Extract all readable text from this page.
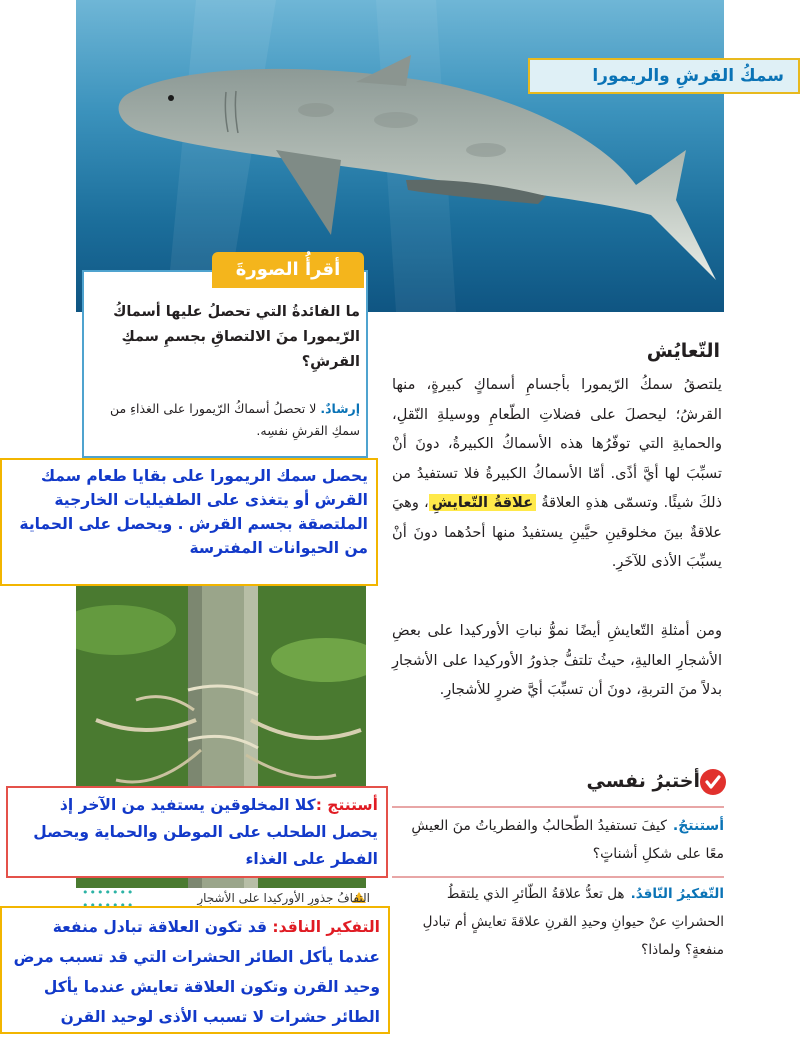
سمكُ القرشِ والريمورا
أقرأُ الصورةَ
ما الفائدةُ التي تحصلُ عليها أسماكُ الرّيمورا منَ الالتصاقِ بجسمِ سمكِ القرشِ؟
إرشادٌ.لا تحصلُ أسماكُ الرّيمورا على الغذاءِ من سمكِ القرشِ نفسِه.
التّعايُش
يلتصقُ سمكُ الرّيمورا بأجسامِ أسماكٍ كبيرةٍ، منها القرشُ؛ ليحصلَ على فضلاتِ الطّعامِ ووسيلةِ النّقلِ، والحمايةِ التي توفّرُها هذه الأسماكُ الكبيرةُ، دونَ أنْ تسبِّبَ لها أيَّ أذًى. أمّا الأسماكُ الكبيرةُ فلا تستفيدُ من ذلكَ شيئًا. وتسمّى هذهِ العلاقةُ علاقةُ التّعايشِ، وهيَ علاقةٌ بينَ مخلوقينِ حيَّينِ يستفيدُ منها أحدُهما دونَ أنْ يسبِّبَ الأذى للآخَرِ.
ومن أمثلةِ التّعايشِ أيضًا نموُّ نباتِ الأوركيدا على بعضِ الأشجارِ العاليةِ، حيثُ تلتفُّ جذورُ الأوركيدا على الأشجارِ بدلاً منَ التربةِ، دونَ أن تسبِّبَ أيَّ ضررٍ للأشجارِ.
أختبرُ نفسي
أستنتجُ.كيفَ تستفيدُ الطّحالبُ والفطرياتُ منَ العيشِ معًا على شكلِ أشناتٍ؟
التّفكيرُ النّاقدُ.هل تعدُّ علاقةُ الطّائرِ الذي يلتقطُ الحشراتِ عنْ حيوانِ وحيدِ القرنِ علاقةَ تعايشٍ أم تبادلِ منفعةٍ؟ ولماذا؟
•••••••	التفافُ جذورِ الأوركيدا على الأشجارِ
يحصل سمك الريمورا على بقايا طعام سمك القرش أو يتغذى على الطفيليات الخارجية الملتصقة بجسم القرش . ويحصل على الحماية من الحيوانات المفترسة
أستنتج :كلا المخلوقين يستفيد من الآخر إذ يحصل الطحلب على الموطن والحماية ويحصل الفطر على الغذاء
التفكير الناقد: قد تكون العلاقة تبادل منفعة عندما يأكل الطائر الحشرات التي قد تسبب مرض وحيد القرن وتكون العلاقة تعايش عندما يأكل الطائر حشرات لا تسبب الأذى لوحيد القرن
